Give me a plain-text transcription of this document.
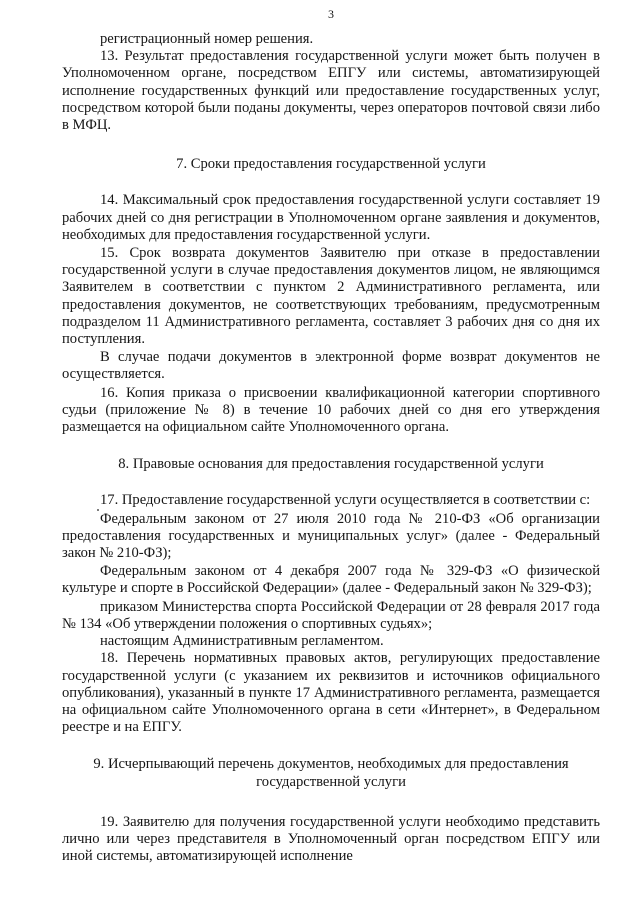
3

регистрационный номер решения.

13. Результат предоставления государственной услуги может быть получен в Уполномоченном органе, посредством ЕПГУ или системы, автоматизирующей исполнение государственных функций или предоставление государственных услуг, посредством которой были поданы документы, через операторов почтовой связи либо в МФЦ.

7. Сроки предоставления государственной услуги

14. Максимальный срок предоставления государственной услуги составляет 19 рабочих дней со дня регистрации в Уполномоченном органе заявления и документов, необходимых для предоставления государственной услуги.

15. Срок возврата документов Заявителю при отказе в предоставлении государственной услуги в случае предоставления документов лицом, не являющимся Заявителем в соответствии с пунктом 2 Административного регламента, или предоставления документов, не соответствующих требованиям, предусмотренным подразделом 11 Административного регламента, составляет 3 рабочих дня со дня их поступления.

В случае подачи документов в электронной форме возврат документов не осуществляется.

16. Копия приказа о присвоении квалификационной категории спортивного судьи (приложение № 8) в течение 10 рабочих дней со дня его утверждения размещается на официальном сайте Уполномоченного органа.

8. Правовые основания для предоставления государственной услуги

17. Предоставление государственной услуги осуществляется в соответствии с:

Федеральным законом от 27 июля 2010 года № 210-ФЗ «Об организации предоставления государственных и муниципальных услуг» (далее - Федеральный закон № 210-ФЗ);

Федеральным законом от 4 декабря 2007 года № 329-ФЗ «О физической культуре и спорте в Российской Федерации» (далее - Федеральный закон № 329-ФЗ);

приказом Министерства спорта Российской Федерации от 28 февраля 2017 года № 134 «Об утверждении положения о спортивных судьях»;

настоящим Административным регламентом.

18. Перечень нормативных правовых актов, регулирующих предоставление государственной услуги (с указанием их реквизитов и источников официального опубликования), указанный в пункте 17 Административного регламента, размещается на официальном сайте Уполномоченного органа в сети «Интернет», в Федеральном реестре и на ЕПГУ.

9. Исчерпывающий перечень документов, необходимых для предоставления государственной услуги

19. Заявителю для получения государственной услуги необходимо представить лично или через представителя в Уполномоченный орган посредством ЕПГУ или иной системы, автоматизирующей исполнение
